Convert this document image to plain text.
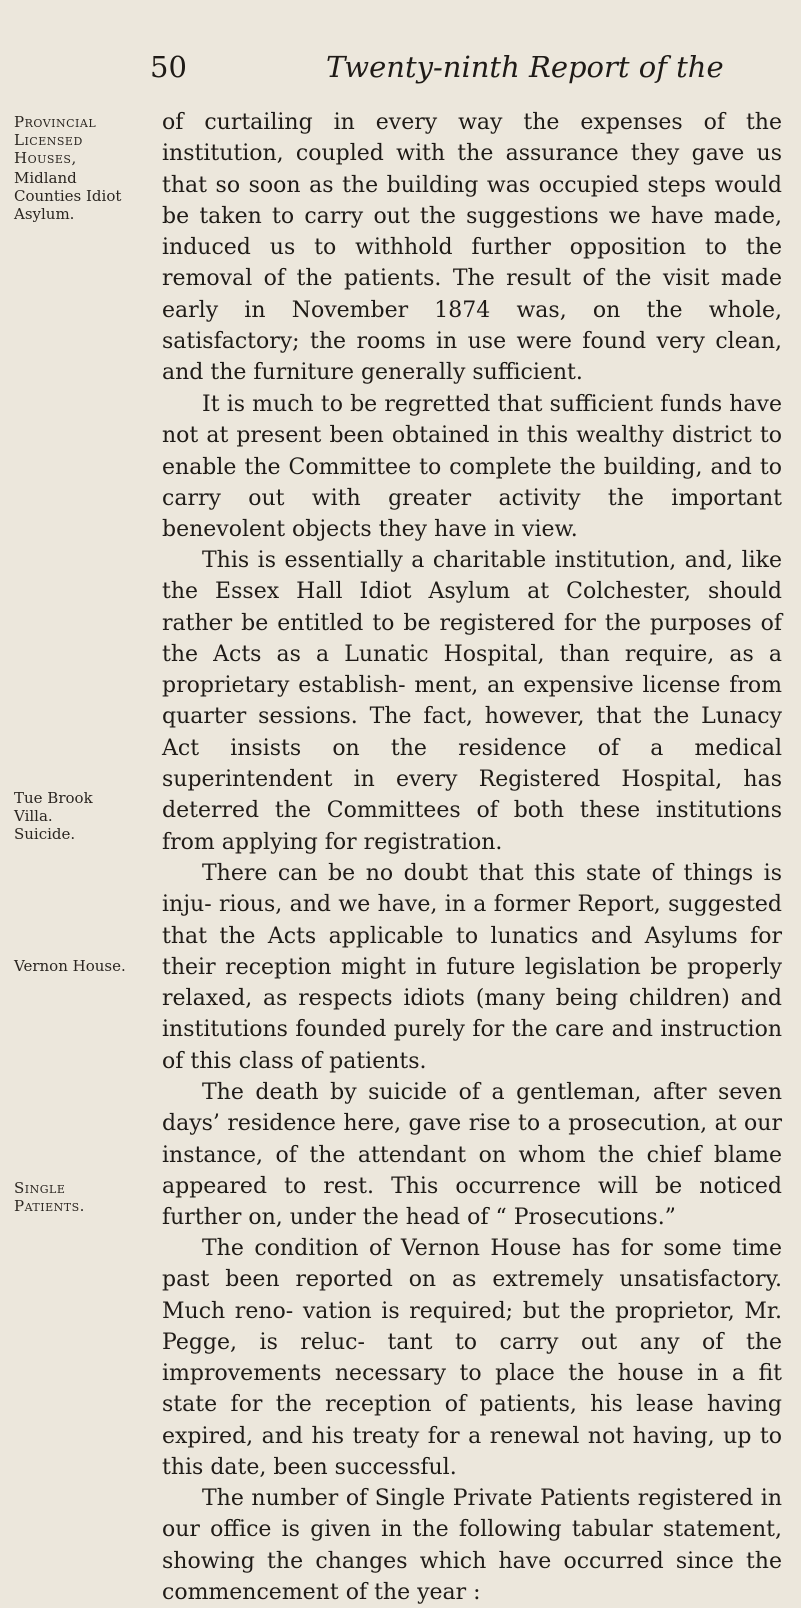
50	Twenty-ninth Report of the
Provincial
Licensed
Houses,
Midland
Counties Idiot
Asylum.
Tue Brook
Villa.
Suicide.
Vernon House.
Single
Patients.

of curtailing in every way the expenses of the institution, coupled with the assurance they gave us that so soon as the building was occupied steps would be taken to carry out the suggestions we have made, induced us to withhold further opposition to the removal of the patients. The result of the visit made early in November 1874 was, on the whole, satisfactory; the rooms in use were found very clean, and the furniture generally sufficient.

It is much to be regretted that sufficient funds have not at present been obtained in this wealthy district to enable the Committee to complete the building, and to carry out with greater activity the important benevolent objects they have in view.

This is essentially a charitable institution, and, like the Essex Hall Idiot Asylum at Colchester, should rather be entitled to be registered for the purposes of the Acts as a Lunatic Hospital, than require, as a proprietary establish- ment, an expensive license from quarter sessions. The fact, however, that the Lunacy Act insists on the residence of a medical superintendent in every Registered Hospital, has deterred the Committees of both these institutions from applying for registration.

There can be no doubt that this state of things is inju- rious, and we have, in a former Report, suggested that the Acts applicable to lunatics and Asylums for their reception might in future legislation be properly relaxed, as respects idiots (many being children) and institutions founded purely for the care and instruction of this class of patients.

The death by suicide of a gentleman, after seven days’ residence here, gave rise to a prosecution, at our instance, of the attendant on whom the chief blame appeared to rest. This occurrence will be noticed further on, under the head of “ Prosecutions.”

The condition of Vernon House has for some time past been reported on as extremely unsatisfactory. Much reno- vation is required; but the proprietor, Mr. Pegge, is reluc- tant to carry out any of the improvements necessary to place the house in a fit state for the reception of patients, his lease having expired, and his treaty for a renewal not having, up to this date, been successful.

The number of Single Private Patients registered in our office is given in the following tabular statement, showing the changes which have occurred since the commencement of the year :
